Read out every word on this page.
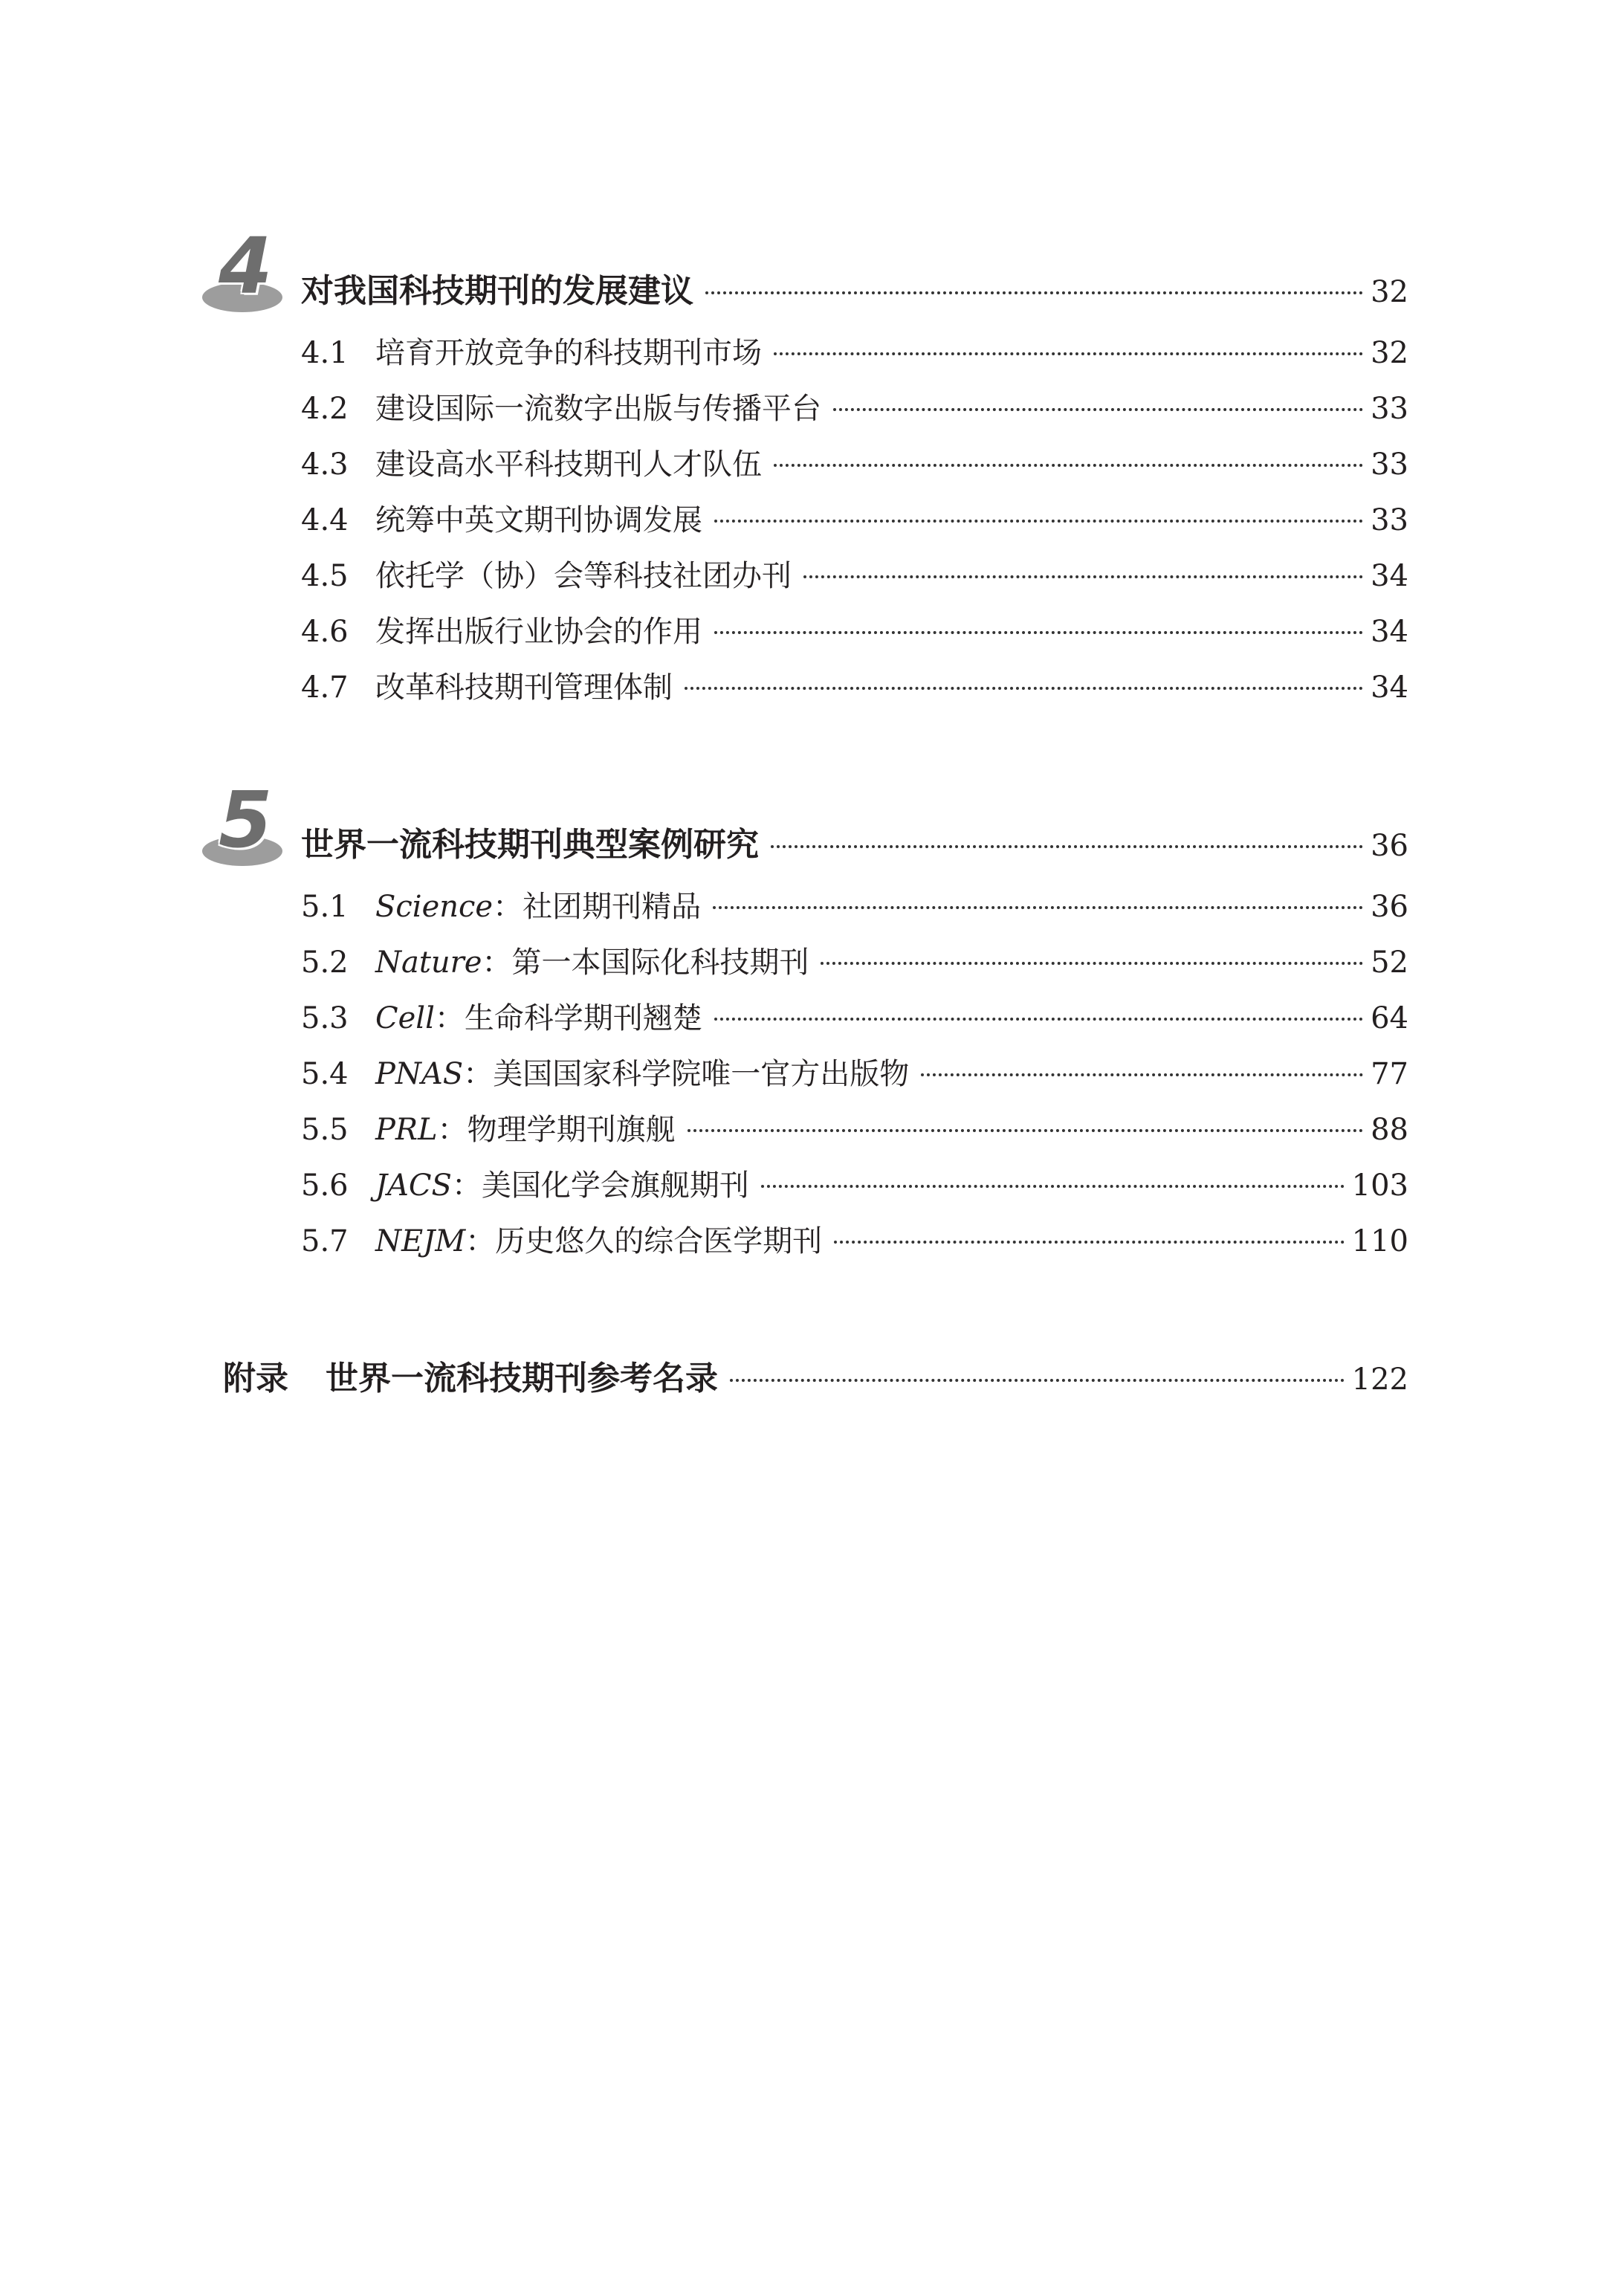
4 对我国科技期刊的发展建议	32
4.1 培育开放竞争的科技期刊市场	32
4.2 建设国际一流数字出版与传播平台	33
4.3 建设高水平科技期刊人才队伍	33
4.4 统筹中英文期刊协调发展	33
4.5 依托学（协）会等科技社团办刊	34
4.6 发挥出版行业协会的作用	34
4.7 改革科技期刊管理体制	34
5 世界一流科技期刊典型案例研究	36
5.1 Science：社团期刊精品	36
5.2 Nature：第一本国际化科技期刊	52
5.3 Cell：生命科学期刊翘楚	64
5.4 PNAS：美国国家科学院唯一官方出版物	77
5.5 PRL：物理学期刊旗舰	88
5.6 JACS：美国化学会旗舰期刊	103
5.7 NEJM：历史悠久的综合医学期刊	110
附录 世界一流科技期刊参考名录	122
